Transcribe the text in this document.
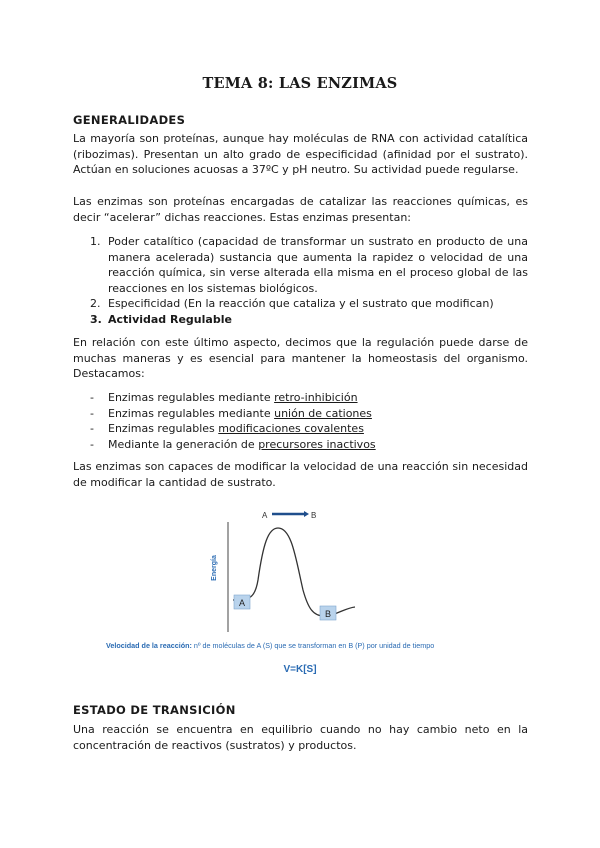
TEMA 8: LAS ENZIMAS
GENERALIDADES

La mayoría son proteínas, aunque hay moléculas de RNA con actividad catalítica (ribozimas). Presentan un alto grado de especificidad (afinidad por el sustrato). Actúan en soluciones acuosas a 37ºC y pH neutro. Su actividad puede regularse.

Las enzimas son proteínas encargadas de catalizar las reacciones químicas, es decir “acelerar” dichas reacciones. Estas enzimas presentan:

1. Poder catalítico (capacidad de transformar un sustrato en producto de una manera acelerada) sustancia que aumenta la rapidez o velocidad de una reacción química, sin verse alterada ella misma en el proceso global de las reacciones en los sistemas biológicos.
2. Especificidad (En la reacción que cataliza y el sustrato que modifican)
3. Actividad Regulable

En relación con este último aspecto, decimos que la regulación puede darse de muchas maneras y es esencial para mantener la homeostasis del organismo. Destacamos:

- Enzimas regulables mediante retro-inhibición
- Enzimas regulables mediante unión de cationes
- Enzimas regulables modificaciones covalentes
- Mediante la generación de precursores inactivos

Las enzimas son capaces de modificar la velocidad de una reacción sin necesidad de modificar la cantidad de sustrato.

A	B
Energía
A
B
Velocidad de la reacción: nº de moléculas de A (S) que se transforman en B (P) por unidad de tiempo
V=K[S]
ESTADO DE TRANSICIÓN

Una reacción se encuentra en equilibrio cuando no hay cambio neto en la concentración de reactivos (sustratos) y productos.
